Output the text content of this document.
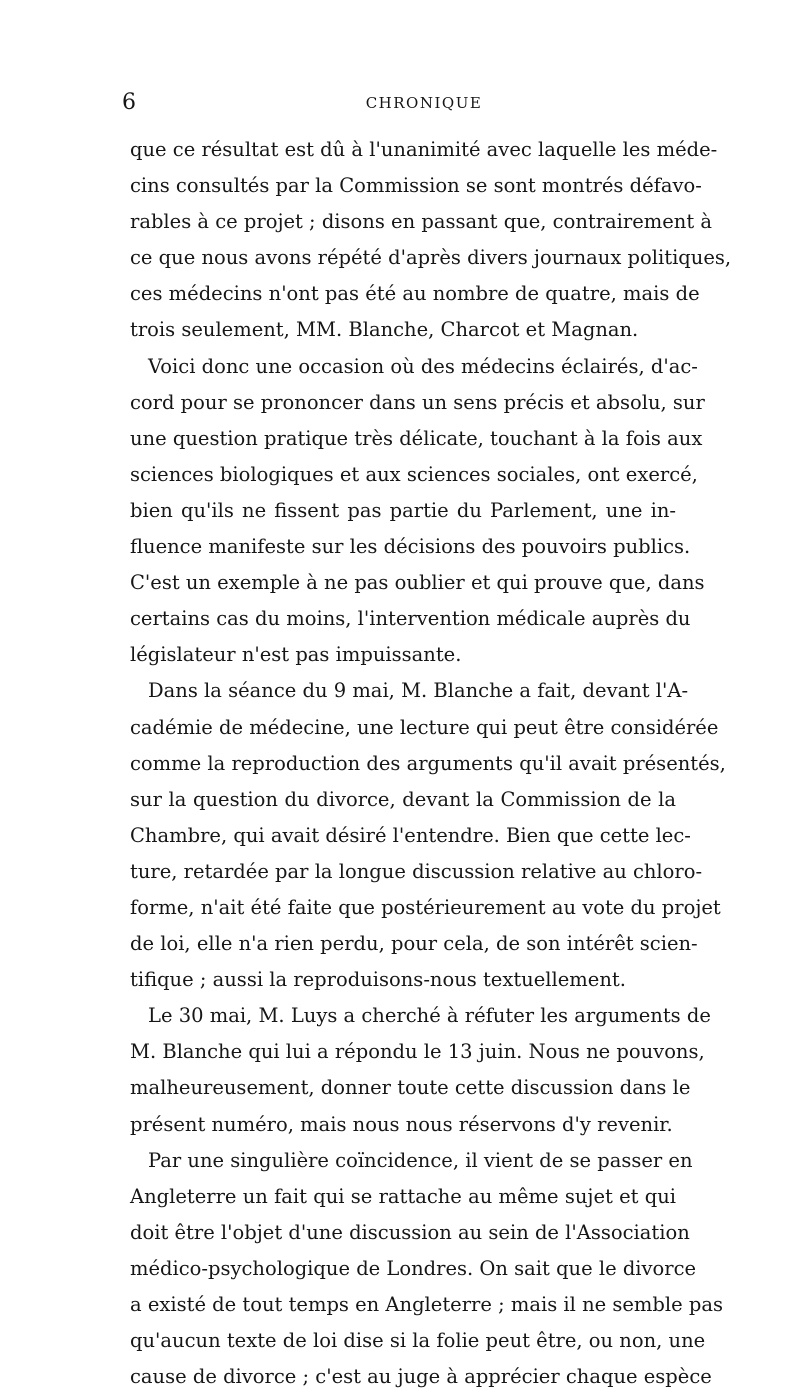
6	CHRONIQUE
que ce résultat est dû à l'unanimité avec laquelle les méde-
cins consultés par la Commission se sont montrés défavo-
rables à ce projet ; disons en passant que, contrairement à
ce que nous avons répété d'après divers journaux politiques,
ces médecins n'ont pas été au nombre de quatre, mais de
trois seulement, MM. Blanche, Charcot et Magnan.
Voici donc une occasion où des médecins éclairés, d'ac-
cord pour se prononcer dans un sens précis et absolu, sur
une question pratique très délicate, touchant à la fois aux
sciences biologiques et aux sciences sociales, ont exercé,
bien qu'ils ne fissent pas partie du Parlement, une in-
fluence manifeste sur les décisions des pouvoirs publics.
C'est un exemple à ne pas oublier et qui prouve que, dans
certains cas du moins, l'intervention médicale auprès du
législateur n'est pas impuissante.
Dans la séance du 9 mai, M. Blanche a fait, devant l'A-
cadémie de médecine, une lecture qui peut être considérée
comme la reproduction des arguments qu'il avait présentés,
sur la question du divorce, devant la Commission de la
Chambre, qui avait désiré l'entendre. Bien que cette lec-
ture, retardée par la longue discussion relative au chloro-
forme, n'ait été faite que postérieurement au vote du projet
de loi, elle n'a rien perdu, pour cela, de son intérêt scien-
tifique ; aussi la reproduisons-nous textuellement.
Le 30 mai, M. Luys a cherché à réfuter les arguments de
M. Blanche qui lui a répondu le 13 juin. Nous ne pouvons,
malheureusement, donner toute cette discussion dans le
présent numéro, mais nous nous réservons d'y revenir.
Par une singulière coïncidence, il vient de se passer en
Angleterre un fait qui se rattache au même sujet et qui
doit être l'objet d'une discussion au sein de l'Association
médico-psychologique de Londres. On sait que le divorce
a existé de tout temps en Angleterre ; mais il ne semble pas
qu'aucun texte de loi dise si la folie peut être, ou non, une
cause de divorce ; c'est au juge à apprécier chaque espèce
